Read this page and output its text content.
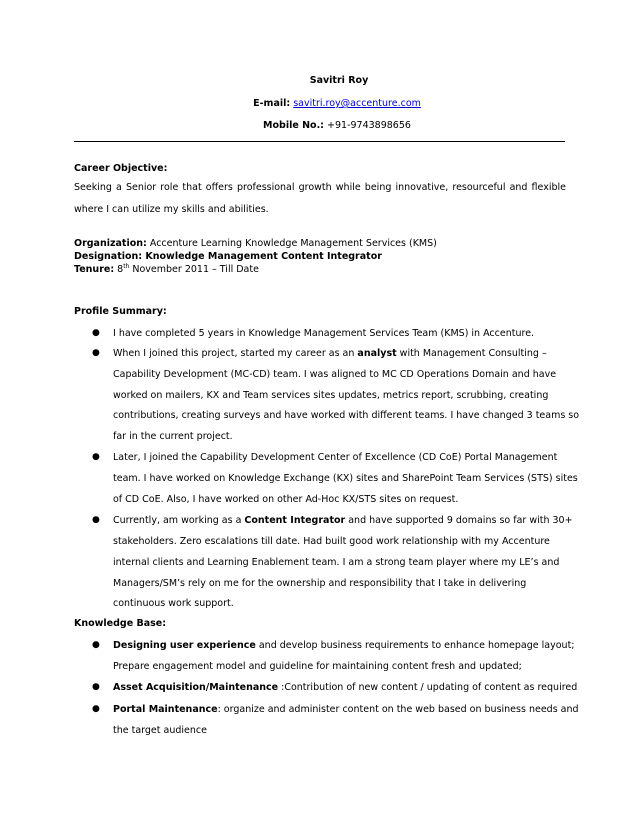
Savitri Roy
E-mail: savitri.roy@accenture.com
Mobile No.: +91-9743898656
Career Objective:
Seeking a Senior role that offers professional growth while being innovative, resourceful and flexible
where I can utilize my skills and abilities.
Organization: Accenture Learning Knowledge Management Services (KMS)
Designation: Knowledge Management Content Integrator
Tenure: 8th November 2011 – Till Date
Profile Summary:
● I have completed 5 years in Knowledge Management Services Team (KMS) in Accenture.
● When I joined this project, started my career as an analyst with Management Consulting –
Capability Development (MC-CD) team. I was aligned to MC CD Operations Domain and have
worked on mailers, KX and Team services sites updates, metrics report, scrubbing, creating
contributions, creating surveys and have worked with different teams. I have changed 3 teams so
far in the current project.
● Later, I joined the Capability Development Center of Excellence (CD CoE) Portal Management
team. I have worked on Knowledge Exchange (KX) sites and SharePoint Team Services (STS) sites
of CD CoE. Also, I have worked on other Ad-Hoc KX/STS sites on request.
● Currently, am working as a Content Integrator and have supported 9 domains so far with 30+
stakeholders. Zero escalations till date. Had built good work relationship with my Accenture
internal clients and Learning Enablement team. I am a strong team player where my LE’s and
Managers/SM’s rely on me for the ownership and responsibility that I take in delivering
continuous work support.
Knowledge Base:
● Designing user experience and develop business requirements to enhance homepage layout;
Prepare engagement model and guideline for maintaining content fresh and updated;
● Asset Acquisition/Maintenance :Contribution of new content / updating of content as required
● Portal Maintenance: organize and administer content on the web based on business needs and
the target audience
